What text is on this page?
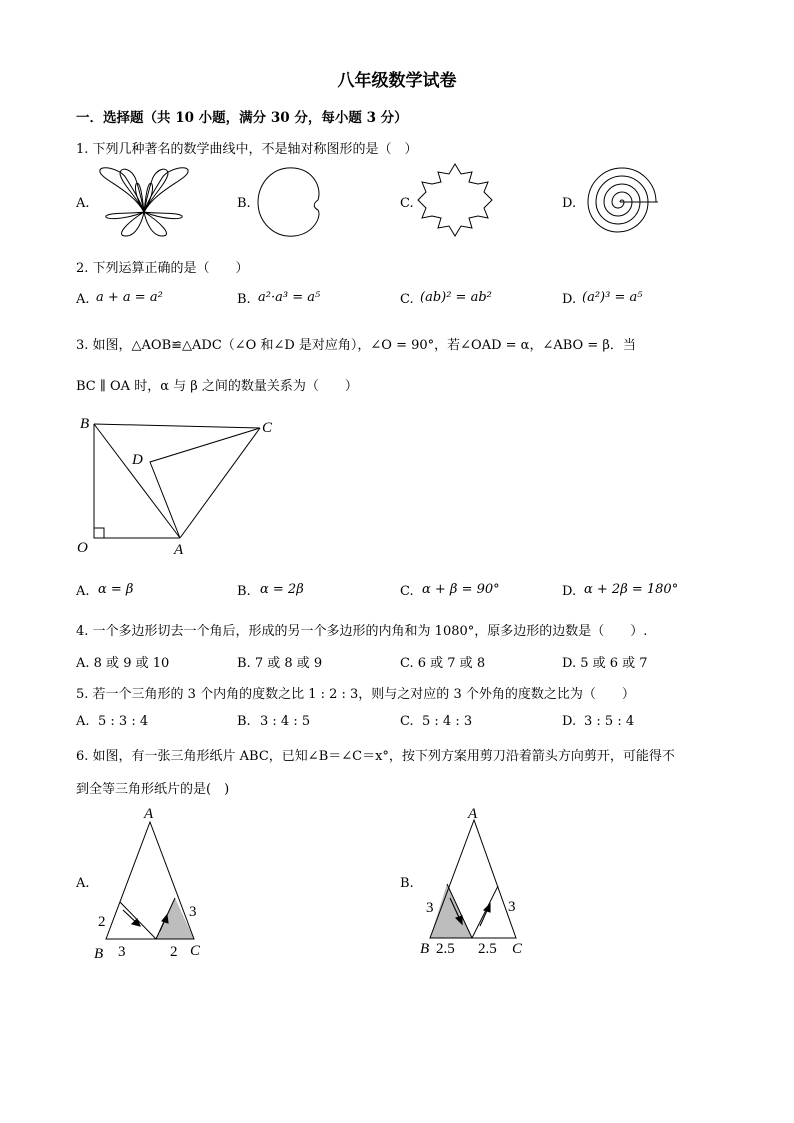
八年级数学试卷
一．选择题（共 10 小题，满分 30 分，每小题 3 分）
1. 下列几种著名的数学曲线中，不是轴对称图形的是（　）
A.	B.	C.	D.
2. 下列运算正确的是（　　）
A. a + a = a²	B. a²·a³ = a⁵	C. (ab)² = ab²	D. (a²)³ = a⁵
3. 如图，△AOB≌△ADC（∠O 和∠D 是对应角），∠O = 90°，若∠OAD = α，∠ABO = β．当
BC ∥ OA 时，α 与 β 之间的数量关系为（　　）
B	C
D
O	A
A. α = β	B. α = 2β	C. α + β = 90°	D. α + 2β = 180°
4. 一个多边形切去一个角后，形成的另一个多边形的内角和为 1080°，原多边形的边数是（　　）.
A. 8 或 9 或 10	B. 7 或 8 或 9	C. 6 或 7 或 8	D. 5 或 6 或 7
5. 若一个三角形的 3 个内角的度数之比 1 : 2 : 3，则与之对应的 3 个外角的度数之比为（　　）
A. 5 : 3 : 4	B. 3 : 4 : 5	C. 5 : 4 : 3	D. 3 : 5 : 4
6. 如图，有一张三角形纸片 ABC，已知∠B＝∠C＝x°，按下列方案用剪刀沿着箭头方向剪开，可能得不
到全等三角形纸片的是(　)
A.
A
B	C
2
3
3	2
B.
A
B	C
3	3
2.5 2.5
